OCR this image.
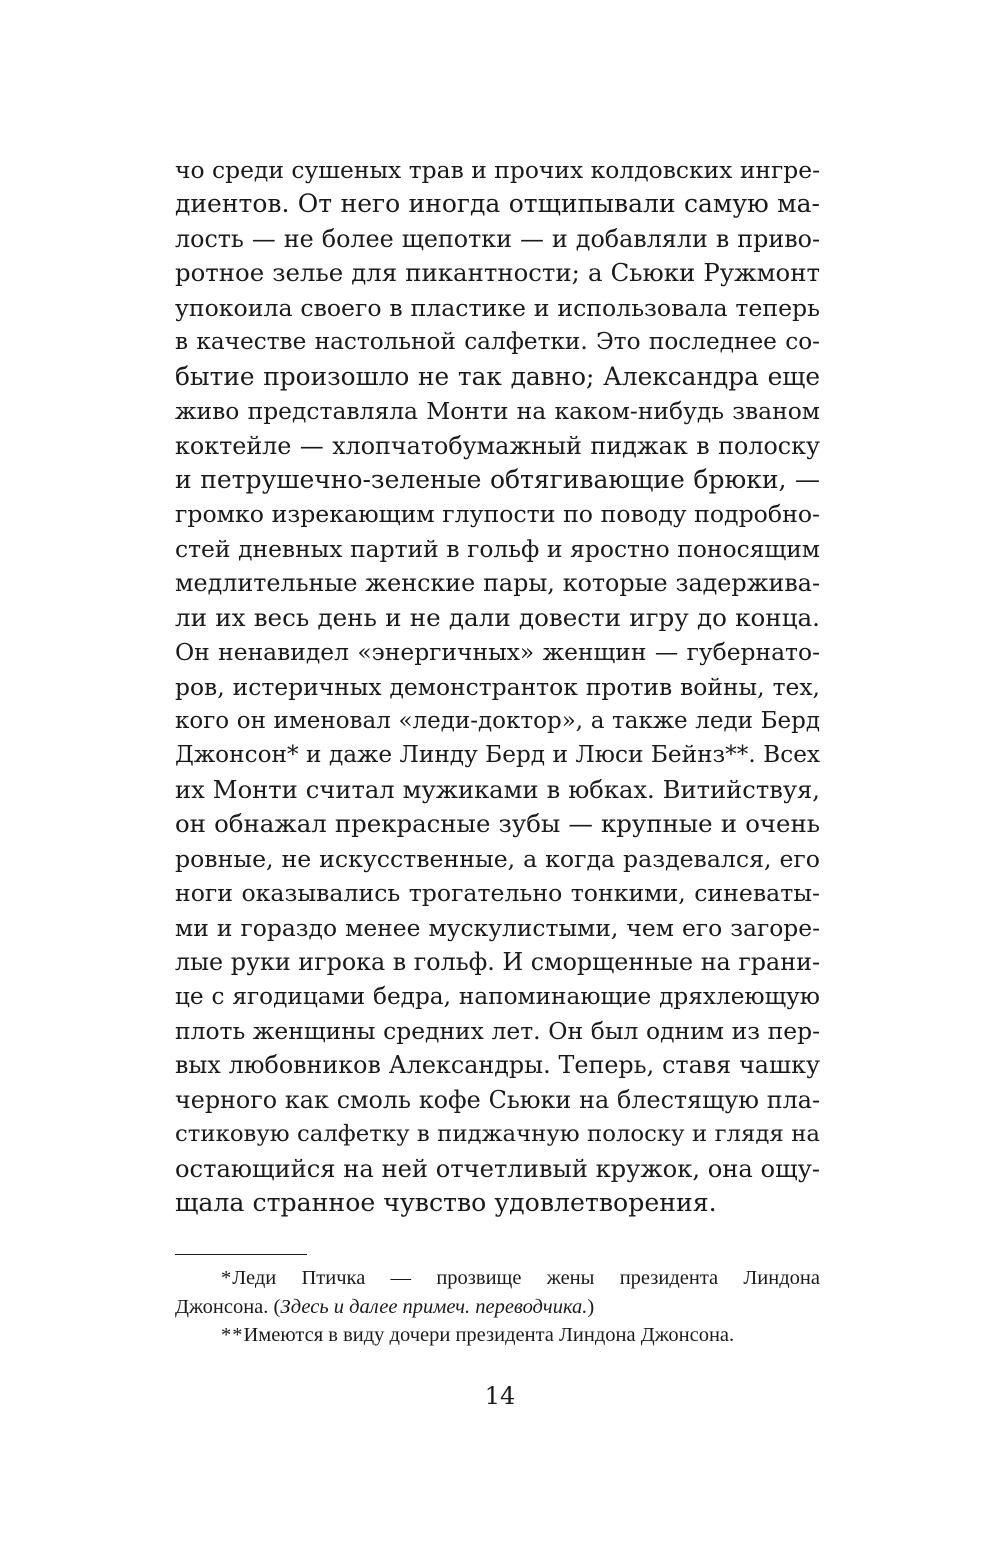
чо среди сушеных трав и прочих колдовских ингре-
диентов. От него иногда отщипывали самую ма-
лость — не более щепотки — и добавляли в приво-
ротное зелье для пикантности; а Сьюки Ружмонт
упокоила своего в пластике и использовала теперь
в качестве настольной салфетки. Это последнее со-
бытие произошло не так давно; Александра еще
живо представляла Монти на каком-нибудь званом
коктейле — хлопчатобумажный пиджак в полоску
и петрушечно-зеленые обтягивающие брюки, —
громко изрекающим глупости по поводу подробно-
стей дневных партий в гольф и яростно поносящим
медлительные женские пары, которые задержива-
ли их весь день и не дали довести игру до конца.
Он ненавидел «энергичных» женщин — губернато-
ров, истеричных демонстранток против войны, тех,
кого он именовал «леди-доктор», а также леди Берд
Джонсон* и даже Линду Берд и Люси Бейнз**. Всех
их Монти считал мужиками в юбках. Витийствуя,
он обнажал прекрасные зубы — крупные и очень
ровные, не искусственные, а когда раздевался, его
ноги оказывались трогательно тонкими, синеваты-
ми и гораздо менее мускулистыми, чем его загоре-
лые руки игрока в гольф. И сморщенные на грани-
це с ягодицами бедра, напоминающие дряхлеющую
плоть женщины средних лет. Он был одним из пер-
вых любовников Александры. Теперь, ставя чашку
черного как смоль кофе Сьюки на блестящую пла-
стиковую салфетку в пиджачную полоску и глядя на
остающийся на ней отчетливый кружок, она ощу-
щала странное чувство удовлетворения.
*Леди Птичка — прозвище жены президента Линдона
Джонсона. (Здесь и далее примеч. переводчика.)
**Имеются в виду дочери президента Линдона Джонсона.
14
